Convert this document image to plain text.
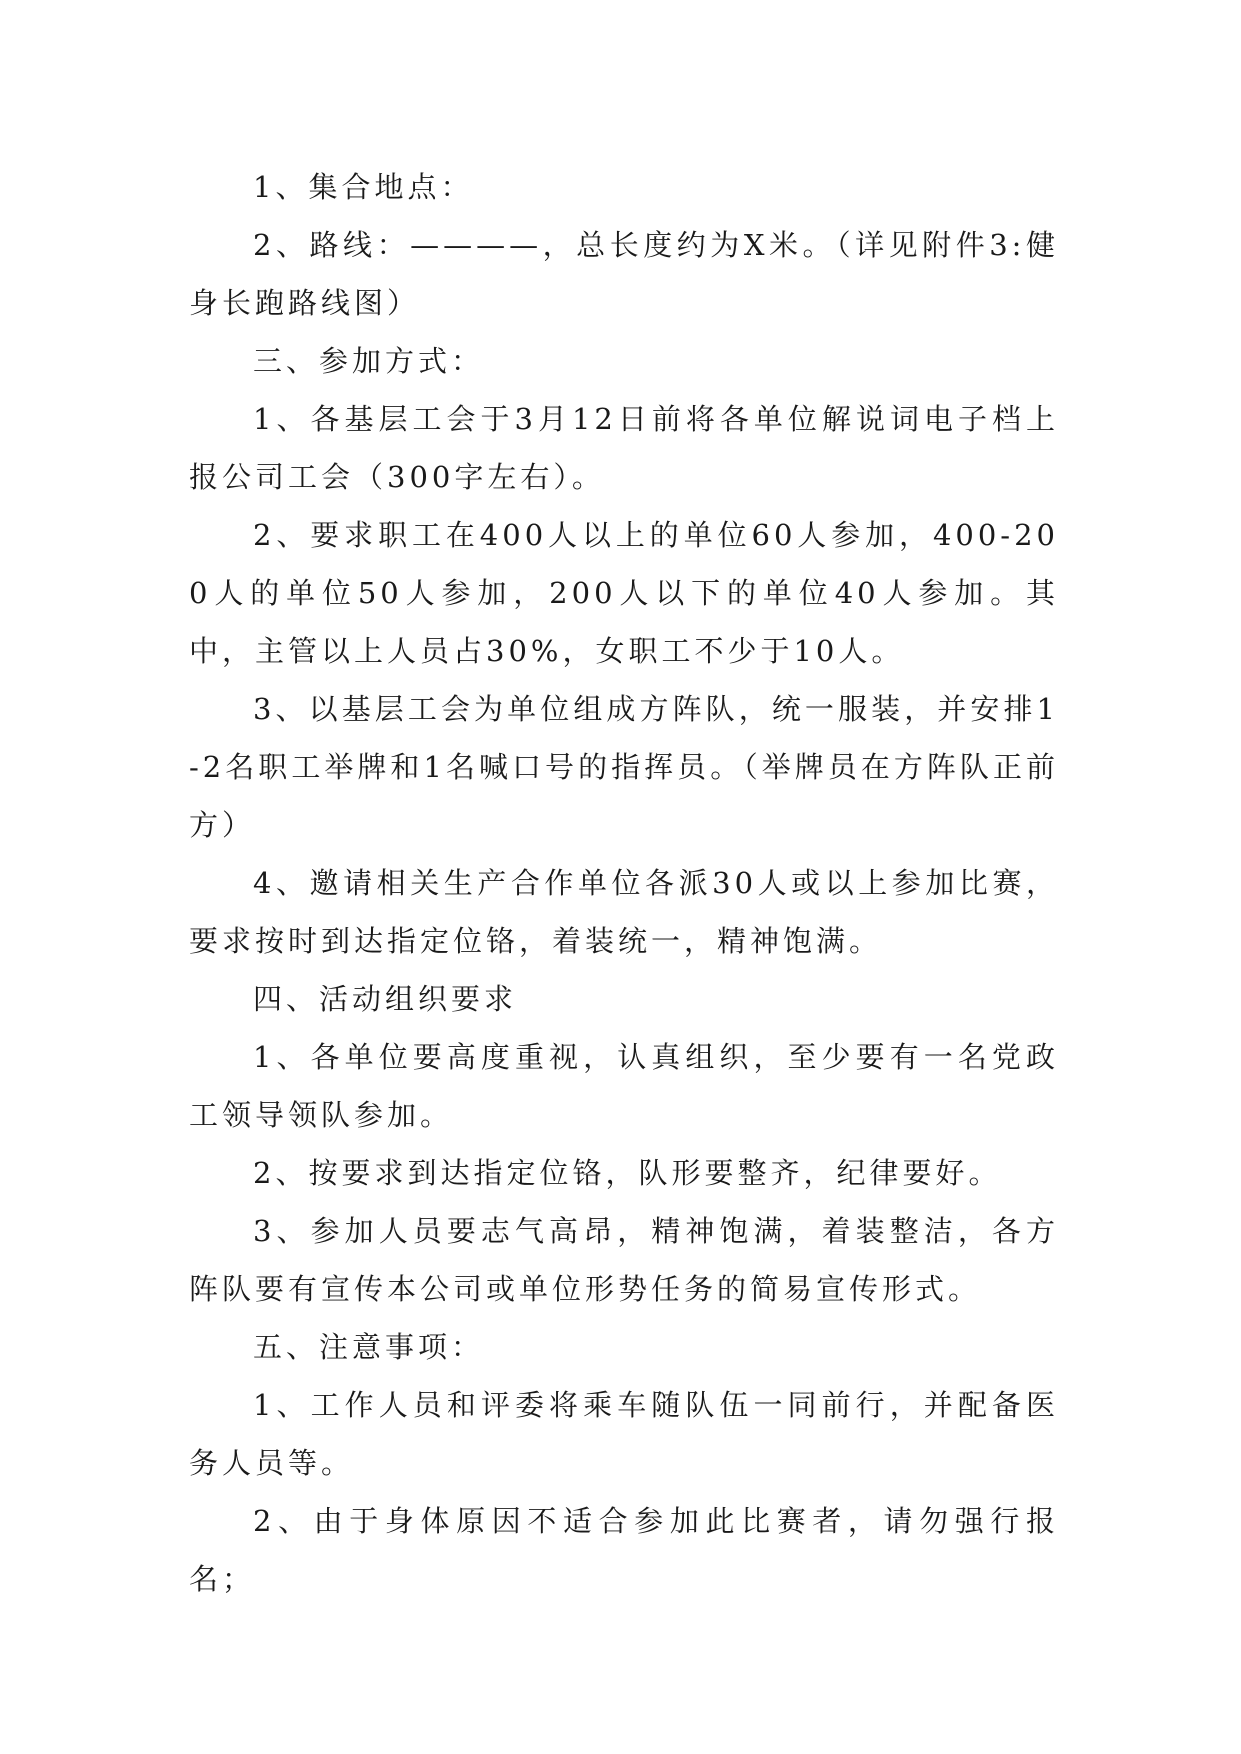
1、集合地点：

2、路线：————，总长度约为X米。（详见附件3:健身长跑路线图）

三、参加方式：

1、各基层工会于3月12日前将各单位解说词电子档上报公司工会（300字左右）。

2、要求职工在400人以上的单位60人参加，400-200人的单位50人参加，200人以下的单位40人参加。其中，主管以上人员占30%，女职工不少于10人。

3、以基层工会为单位组成方阵队，统一服装，并安排1-2名职工举牌和1名喊口号的指挥员。（举牌员在方阵队正前方）

4、邀请相关生产合作单位各派30人或以上参加比赛，要求按时到达指定位铬，着装统一，精神饱满。

四、活动组织要求

1、各单位要高度重视，认真组织，至少要有一名党政工领导领队参加。

2、按要求到达指定位铬，队形要整齐，纪律要好。

3、参加人员要志气高昂，精神饱满，着装整洁，各方阵队要有宣传本公司或单位形势任务的简易宣传形式。

五、注意事项：

1、工作人员和评委将乘车随队伍一同前行，并配备医务人员等。

2、由于身体原因不适合参加此比赛者，请勿强行报名；
